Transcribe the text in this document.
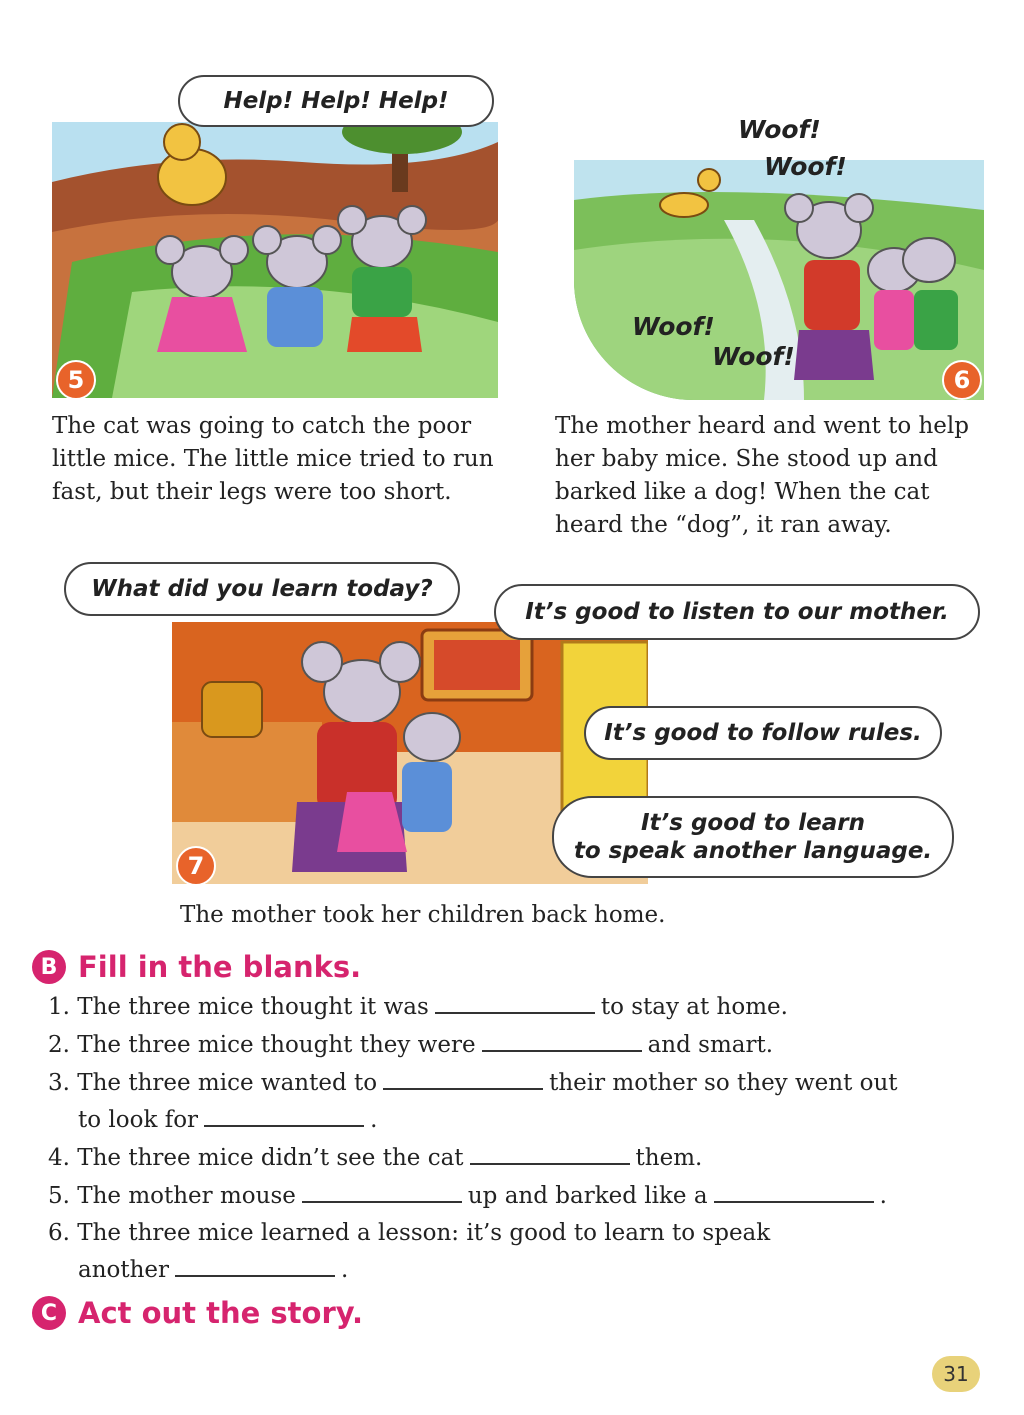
5
Help! Help! Help!
6
Woof!
Woof!
Woof!
Woof!
The cat was going to catch the poor
little mice. The little mice tried to run
fast, but their legs were too short.
The mother heard and went to help
her baby mice. She stood up and
barked like a dog! When the cat
heard the “dog”, it ran away.
7
What did you learn today?
It’s good to listen to our mother.
It’s good to follow rules.
It’s good to learn
to speak another language.
The mother took her children back home.
B Fill in the blanks.
1. The three mice thought it was	to stay at home.
2. The three mice thought they were	and smart.
3. The three mice wanted to	their mother so they went out
to look for	.
4. The three mice didn’t see the cat	them.
5. The mother mouse	up and barked like a	.
6. The three mice learned a lesson: it’s good to learn to speak
another	.
C Act out the story.
31
